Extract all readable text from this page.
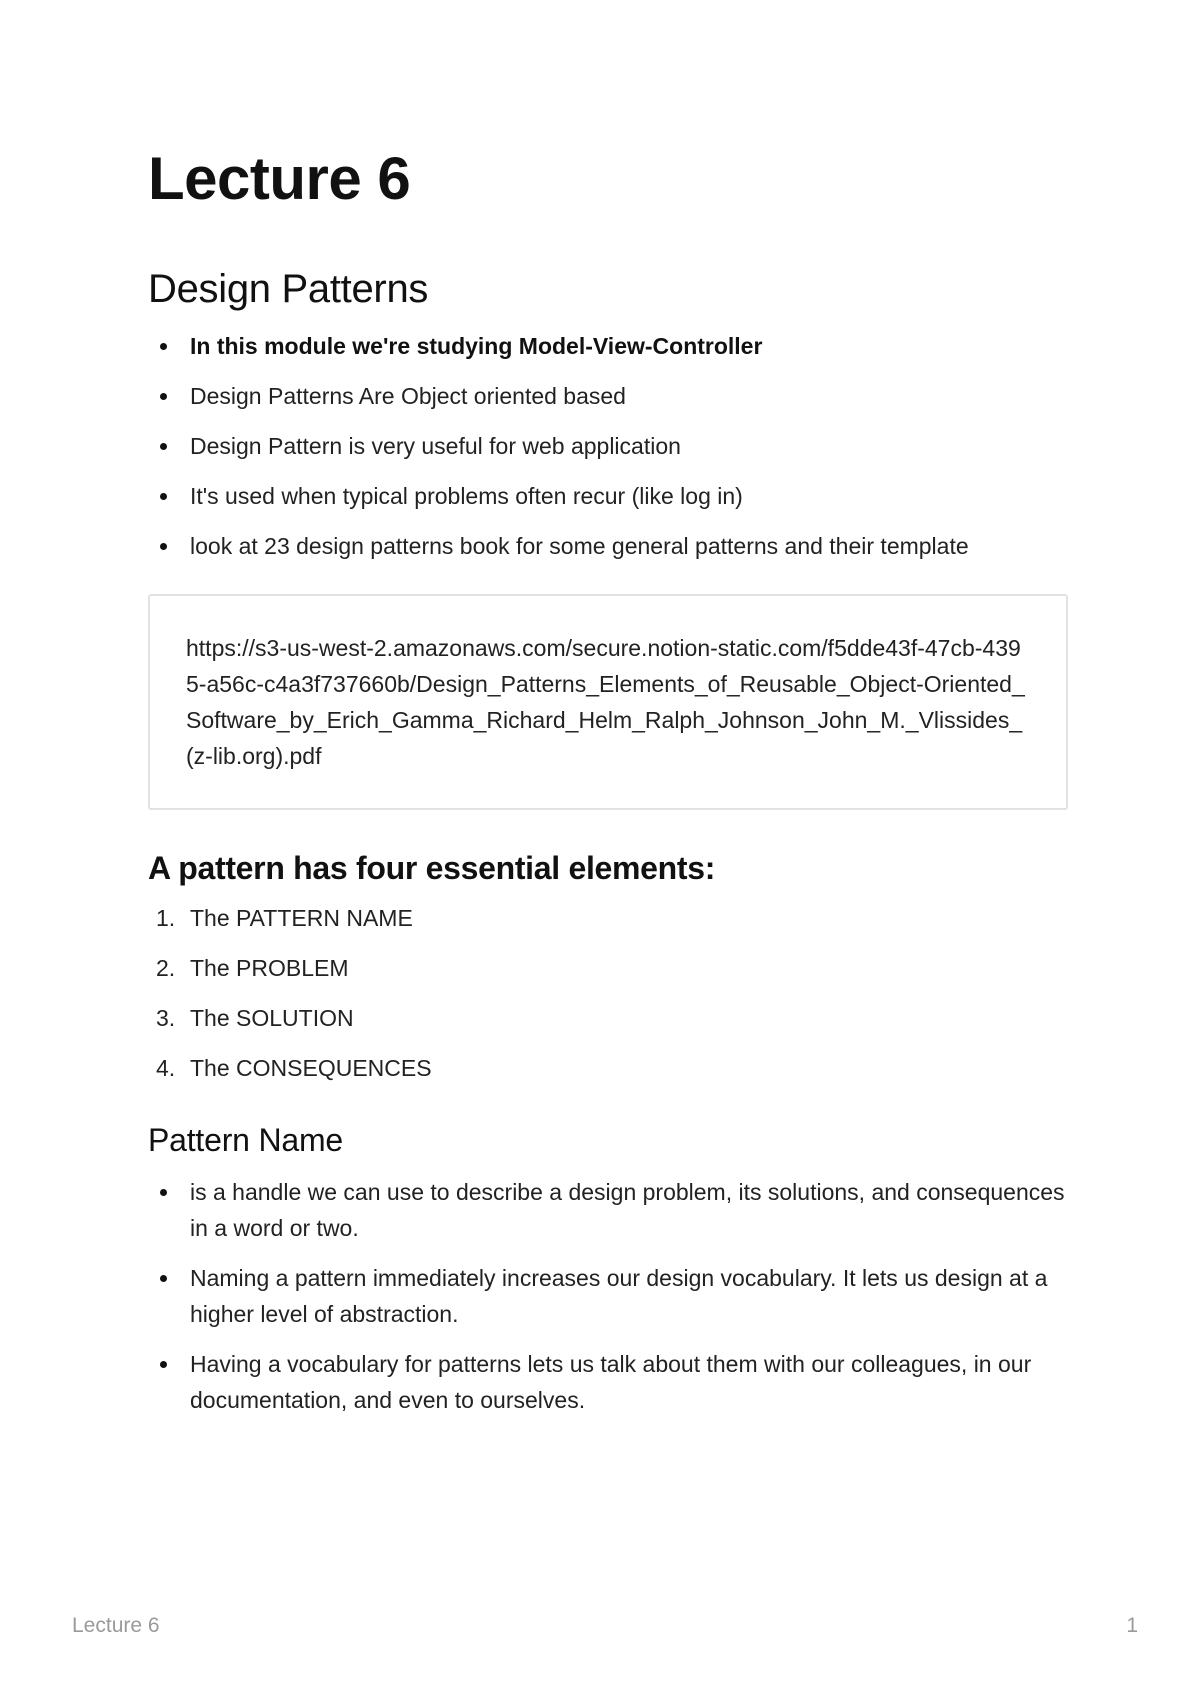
Lecture 6
Design Patterns
In this module we're studying Model-View-Controller
Design Patterns Are Object oriented based
Design Pattern is very useful for web application
It's used when typical problems often recur (like log in)
look at 23 design patterns book for some general patterns and their template
https://s3-us-west-2.amazonaws.com/secure.notion-static.com/f5dde43f-47cb-4395-a56c-c4a3f737660b/Design_Patterns_Elements_of_Reusable_Object-Oriented_Software_by_Erich_Gamma_Richard_Helm_Ralph_Johnson_John_M._Vlissides_(z-lib.org).pdf
A pattern has four essential elements:
1. The PATTERN NAME
2. The PROBLEM
3. The SOLUTION
4. The CONSEQUENCES
Pattern Name
is a handle we can use to describe a design problem, its solutions, and consequences in a word or two.
Naming a pattern immediately increases our design vocabulary. It lets us design at a higher level of abstraction.
Having a vocabulary for patterns lets us talk about them with our colleagues, in our documentation, and even to ourselves.
Lecture 6	1
